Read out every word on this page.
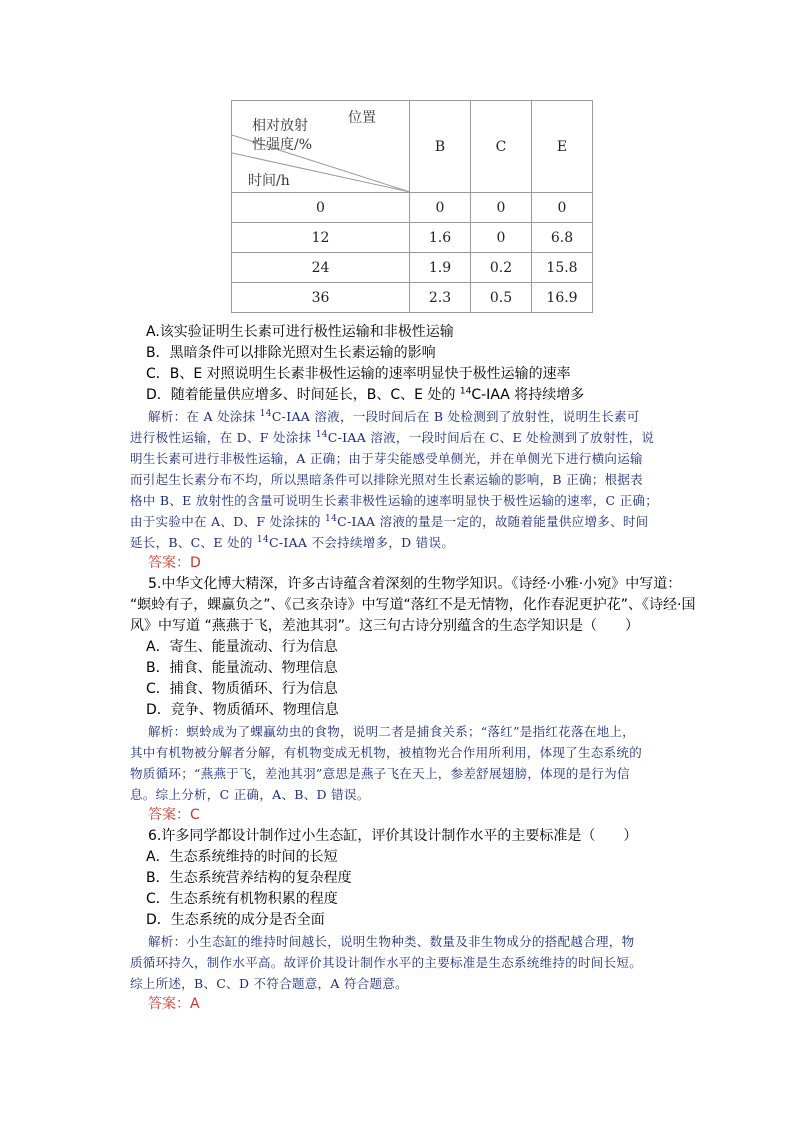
位置
相对放射
性强度/%
时间/h	B	C	E
0	0	0	0
12	1.6	0	6.8
24	1.9	0.2	15.8
36	2.3	0.5	16.9
A.该实验证明生长素可进行极性运输和非极性运输
B．黑暗条件可以排除光照对生长素运输的影响
C．B、E 对照说明生长素非极性运输的速率明显快于极性运输的速率
D．随着能量供应增多、时间延长，B、C、E 处的 $^{14}$C-IAA 将持续增多
解析：在 A 处涂抹 $^{14}$C-IAA 溶液，一段时间后在 B 处检测到了放射性，说明生长素可
进行极性运输，在 D、F 处涂抹 $^{14}$C-IAA 溶液，一段时间后在 C、E 处检测到了放射性，说
明生长素可进行非极性运输，A 正确；由于芽尖能感受单侧光，并在单侧光下进行横向运输
而引起生长素分布不均，所以黑暗条件可以排除光照对生长素运输的影响，B 正确；根据表
格中 B、E 放射性的含量可说明生长素非极性运输的速率明显快于极性运输的速率，C 正确；
由于实验中在 A、D、F 处涂抹的 $^{14}$C-IAA 溶液的量是一定的，故随着能量供应增多、时间
延长，B、C、E 处的 $^{14}$C-IAA 不会持续增多，D 错误。
答案：D
5.中华文化博大精深，许多古诗蕴含着深刻的生物学知识。《诗经·小雅·小宛》中写道：
“螟蛉有子，蜾蠃负之”、《己亥杂诗》中写道“落红不是无情物，化作春泥更护花”、《诗经·国
风》中写道 “燕燕于飞，差池其羽”。这三句古诗分别蕴含的生态学知识是（　　）
A．寄生、能量流动、行为信息
B．捕食、能量流动、物理信息
C．捕食、物质循环、行为信息
D．竞争、物质循环、物理信息
解析：螟蛉成为了蜾蠃幼虫的食物，说明二者是捕食关系；“落红”是指红花落在地上，
其中有机物被分解者分解，有机物变成无机物，被植物光合作用所利用，体现了生态系统的
物质循环；“燕燕于飞，差池其羽”意思是燕子飞在天上，参差舒展翅膀，体现的是行为信
息。综上分析，C 正确，A、B、D 错误。
答案：C
6.许多同学都设计制作过小生态缸，评价其设计制作水平的主要标准是（　　）
A．生态系统维持的时间的长短
B．生态系统营养结构的复杂程度
C．生态系统有机物积累的程度
D．生态系统的成分是否全面
解析：小生态缸的维持时间越长，说明生物种类、数量及非生物成分的搭配越合理，物
质循环持久，制作水平高。故评价其设计制作水平的主要标准是生态系统维持的时间长短。
综上所述，B、C、D 不符合题意，A 符合题意。
答案：A
